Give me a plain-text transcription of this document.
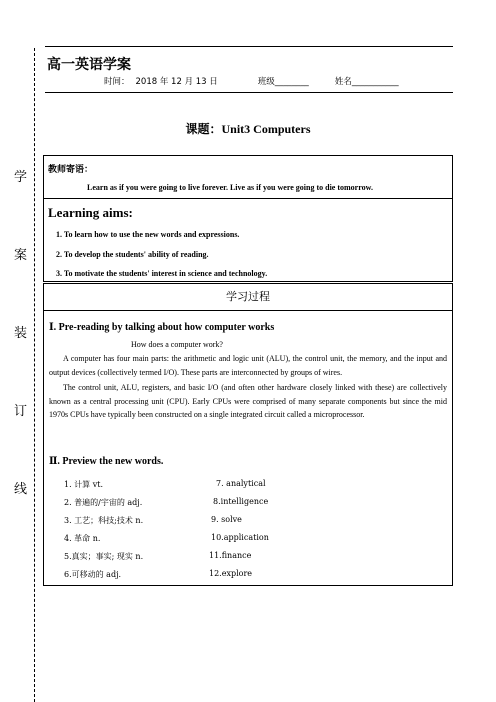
学
案
装
订
线
高一英语学案
时间： 2018 年 12 月 13 日	班级________	姓名___________
课题：Unit3 Computers
教师寄语：
Learn as if you were going to live forever. Live as if you were going to die tomorrow.
Learning aims:
1. To learn how to use the new words and expressions.
2. To develop the students' ability of reading.
3. To motivate the students' interest in science and technology.
学习过程
Ⅰ. Pre-reading by talking about how computer works
How does a computer work?
A computer has four main parts: the arithmetic and logic unit (ALU), the control unit, the memory, and the input and output devices (collectively termed I/O). These parts are interconnected by groups of wires.
The control unit, ALU, registers, and basic I/O (and often other hardware closely linked with these) are collectively known as a central processing unit (CPU). Early CPUs were comprised of many separate components but since the mid 1970s CPUs have typically been constructed on a single integrated circuit called a microprocessor.
Ⅱ. Preview the new words.
1. 计算 vt.
2. 普遍的/宇宙的 adj.
3. 工艺；科技;技术 n.
4. 革命 n.
5.真实；事实; 现实 n.
6.可移动的 adj.
7. analytical
8.intelligence
9. solve
10.application
11.finance
12.explore
